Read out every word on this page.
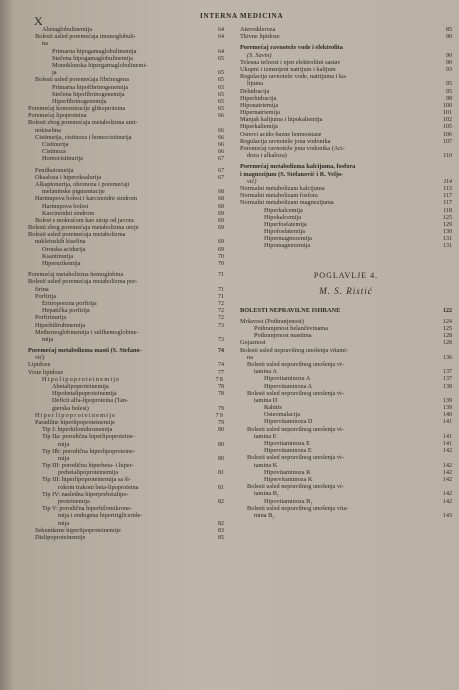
X	INTERNA MEDICINA
Abetaglobulinemija	64
Bolesti usled poremećaja imunoglobuli-	64
na
Primarna hipogamaglobulinemija	64
Stečena hipogamaglobulinemija	65
Monoklonska hipergamaglobulinemi-
ja	65
Bolesti usled poremećaja fibrinogena	65
Primarna hipofibrinogenemija	65
Stečena hipofibrinogenemija	65
Hiperfibrinogenemija	65
Poremećaj koncentracije glikoproteina	65
Poremećaj lipoproteina	66
Bolesti zbog poremećaja metabolizma ami-
nokiselina	66
Cistinurija, cistinoza i homocistinurija	66
Cistinurija	66
Cistinoza	66
Homocistinurija	67
Fenilketonurija	67
Oksaloza i hiperoksalurija	67
Alkaptonurija, ohronoza i poremećaji
melaninske pigmentacije	68
Hartnupova bolest i karcinoidni sindrom	68
Hartnupova bolest	68
Karcinoidni sindrom	69
Bolest s mokraćom kao sirup od javora	69
Bolesti zbog poremećaja metabolizma ureje	69
Bolesti usled poremećaja metabolizma
nukleinskih kiselina	69
Orotska acidurija	69
Ksantinurija	70
Hiperurikemija	70
Poremećaj metabolizma hemoglobina	71
Bolesti usled poremećaja metabolizma por-
firina	71
Porfirija	71
Eritropoezna porfirija	72
Hepatička porfirija	72
Porfirinurija	72
Hiperbilirubinemija	73
Methemoglobinemija i sulfhemoglobine-
mija	73
Poremećaj metabolizma masti (S. Stefano-	74
vić)
Lipidoze	74
Vrste lipidoze	77
Hipolipoproteinemije	78
Abetalipoproteinemija	78
Hipobetalipoproteinemija	78
Deficit alfa-lipoproteina (Tan-
gierska bolest)	79
Hiperlipoproteinemije	79
Paradilne hiperlipoproteinemije	79
Tip I: hiperhilomikronemija	80
Tip IIa: porodična hiperlipoproteine-
mija	80
Tip IIb: porodična hiperlipoproteine-
mija	80
Tip III: porodična hiperbeta- i hiper-
prebetalipoproteinemija	81
Tip III: hiperlipoproteinemija sa ši-
rokom trakom beta-lipoproteina	81
Tip IV: nasledna hiperprebetalipo-
proteinemija	82
Tip V: porodična hiperhilomikrone-
mija i endogena hipertrigliceride-
mija	82
Sekundarne hiperlipoproteinemije	83
Dislipoproteinemije	85
Ateroskleroza	85
Tkivne lipidoze	90
Poremećaj ravnoteže vode i elektrolita
(S. Savin)	90
Telesna tečnost i njen elektrolitni sastav	90
Ukupni i izmenjeni natrijum i kalijum	93
Regulacija ravnoteže vode, natrijuma i ka-
lijuma	95
Dehidracija	95
Hiperhidracija	98
Hiponatriemija	100
Hipernatriemija	101
Manjak kalijuma i hipokaliemija	102
Hiperkaliemija	105
Osnovi acido-bazne homeostaze	106
Regulacija ravnoteže jona vodonika	107
Poremećaj ravnoteže jona vodonika (Aci-
doza i alkaloza)	110
Poremećaj metabolizma kalcijuma, fosfora
i magnezijum (S. Stefanović i R. Veljo-
vić)	114
Normalni metabolizam kalcijuma	115
Normalni metabolizam fosfora	117
Normalni metabolizam magnezijuma	117
Hiperkalcemija	118
Hipokalcemija	125
Hiperfosfatemija	129
Hipofosfatemija	130
Hipermagnezemija	131
Hipomagnezemija	131
POGLAVLJE 4.
M. S. Ristić
BOLESTI NEPRAVILNE ISHRANE	122
Mršavost (Pothranjenost)	124
Pothranjenost belančevinama	125
Pothranjenost mastima	128
Gojaznost	128
Bolesti usled nepravilnog unošenja vitami-
na	136
Bolesti usled nepravilnog unošenja vi-
tamina A	137
Hipovitaminoza A	137
Hipervitaminoza A	138
Bolesti usled nepravilnog unošenja vi-
tamina D	139
Rahitis	139
Osteomalacija	140
Hipervitaminoza D	141
Bolesti usled nepravilnog unošenja vi-
tamina E	141
Hipovitaminoza E	141
Hipervitaminoza E	142
Bolesti usled nepravilnog unošenja vi-
tamina K	142
Hipovitaminoza K	142
Hipervitaminoza K	142
Bolesti usled nepravilnog unošenja vi-
tamina B₁	142
Hipovitaminoza B₁	142
Bolesti usled nepravilnog unošenja vita-
mina B₂	143
